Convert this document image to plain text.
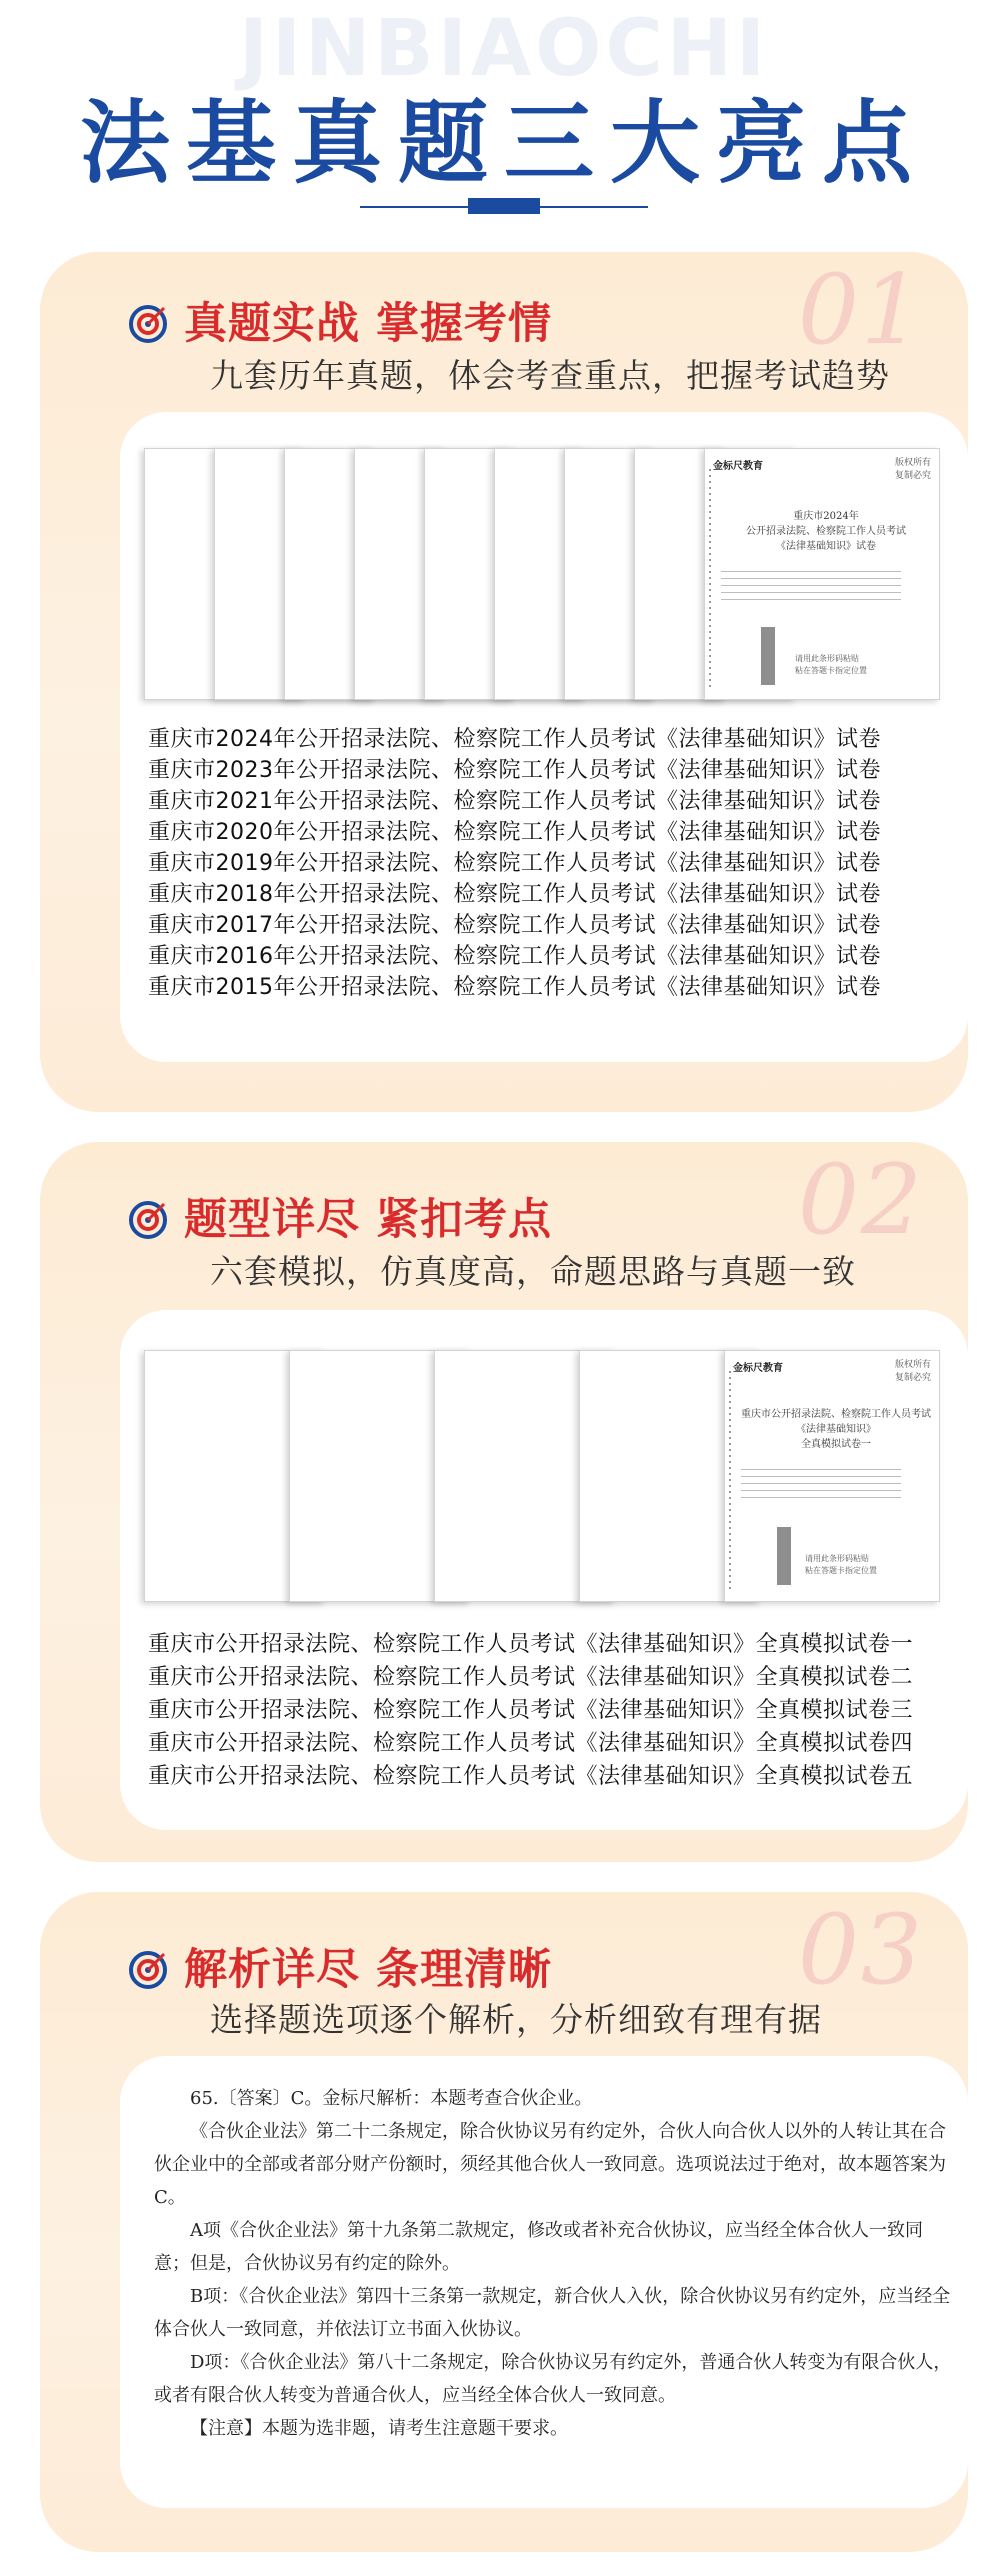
JINBIAOCHI
法基真题三大亮点
01
真题实战 掌握考情
九套历年真题，体会考查重点，把握考试趋势
金标尺教育	版权所有
复制必究
重庆市2024年
公开招录法院、检察院工作人员考试
《法律基础知识》试卷
请用此条形码粘贴
粘在答题卡指定位置
重庆市2024年公开招录法院、检察院工作人员考试《法律基础知识》试卷
重庆市2023年公开招录法院、检察院工作人员考试《法律基础知识》试卷
重庆市2021年公开招录法院、检察院工作人员考试《法律基础知识》试卷
重庆市2020年公开招录法院、检察院工作人员考试《法律基础知识》试卷
重庆市2019年公开招录法院、检察院工作人员考试《法律基础知识》试卷
重庆市2018年公开招录法院、检察院工作人员考试《法律基础知识》试卷
重庆市2017年公开招录法院、检察院工作人员考试《法律基础知识》试卷
重庆市2016年公开招录法院、检察院工作人员考试《法律基础知识》试卷
重庆市2015年公开招录法院、检察院工作人员考试《法律基础知识》试卷
02
题型详尽 紧扣考点
六套模拟，仿真度高，命题思路与真题一致
金标尺教育	版权所有
复制必究
重庆市公开招录法院、检察院工作人员考试
《法律基础知识》
全真模拟试卷一
请用此条形码粘贴
粘在答题卡指定位置
重庆市公开招录法院、检察院工作人员考试《法律基础知识》全真模拟试卷一
重庆市公开招录法院、检察院工作人员考试《法律基础知识》全真模拟试卷二
重庆市公开招录法院、检察院工作人员考试《法律基础知识》全真模拟试卷三
重庆市公开招录法院、检察院工作人员考试《法律基础知识》全真模拟试卷四
重庆市公开招录法院、检察院工作人员考试《法律基础知识》全真模拟试卷五
03
解析详尽 条理清晰
选择题选项逐个解析，分析细致有理有据

65.〔答案〕C。金标尺解析：本题考查合伙企业。

《合伙企业法》第二十二条规定，除合伙协议另有约定外，合伙人向合伙人以外的人转让其在合伙企业中的全部或者部分财产份额时，须经其他合伙人一致同意。选项说法过于绝对，故本题答案为C。

A项《合伙企业法》第十九条第二款规定，修改或者补充合伙协议，应当经全体合伙人一致同意；但是，合伙协议另有约定的除外。

B项：《合伙企业法》第四十三条第一款规定，新合伙人入伙，除合伙协议另有约定外，应当经全体合伙人一致同意，并依法订立书面入伙协议。

D项：《合伙企业法》第八十二条规定，除合伙协议另有约定外，普通合伙人转变为有限合伙人，或者有限合伙人转变为普通合伙人，应当经全体合伙人一致同意。

【注意】本题为选非题，请考生注意题干要求。
